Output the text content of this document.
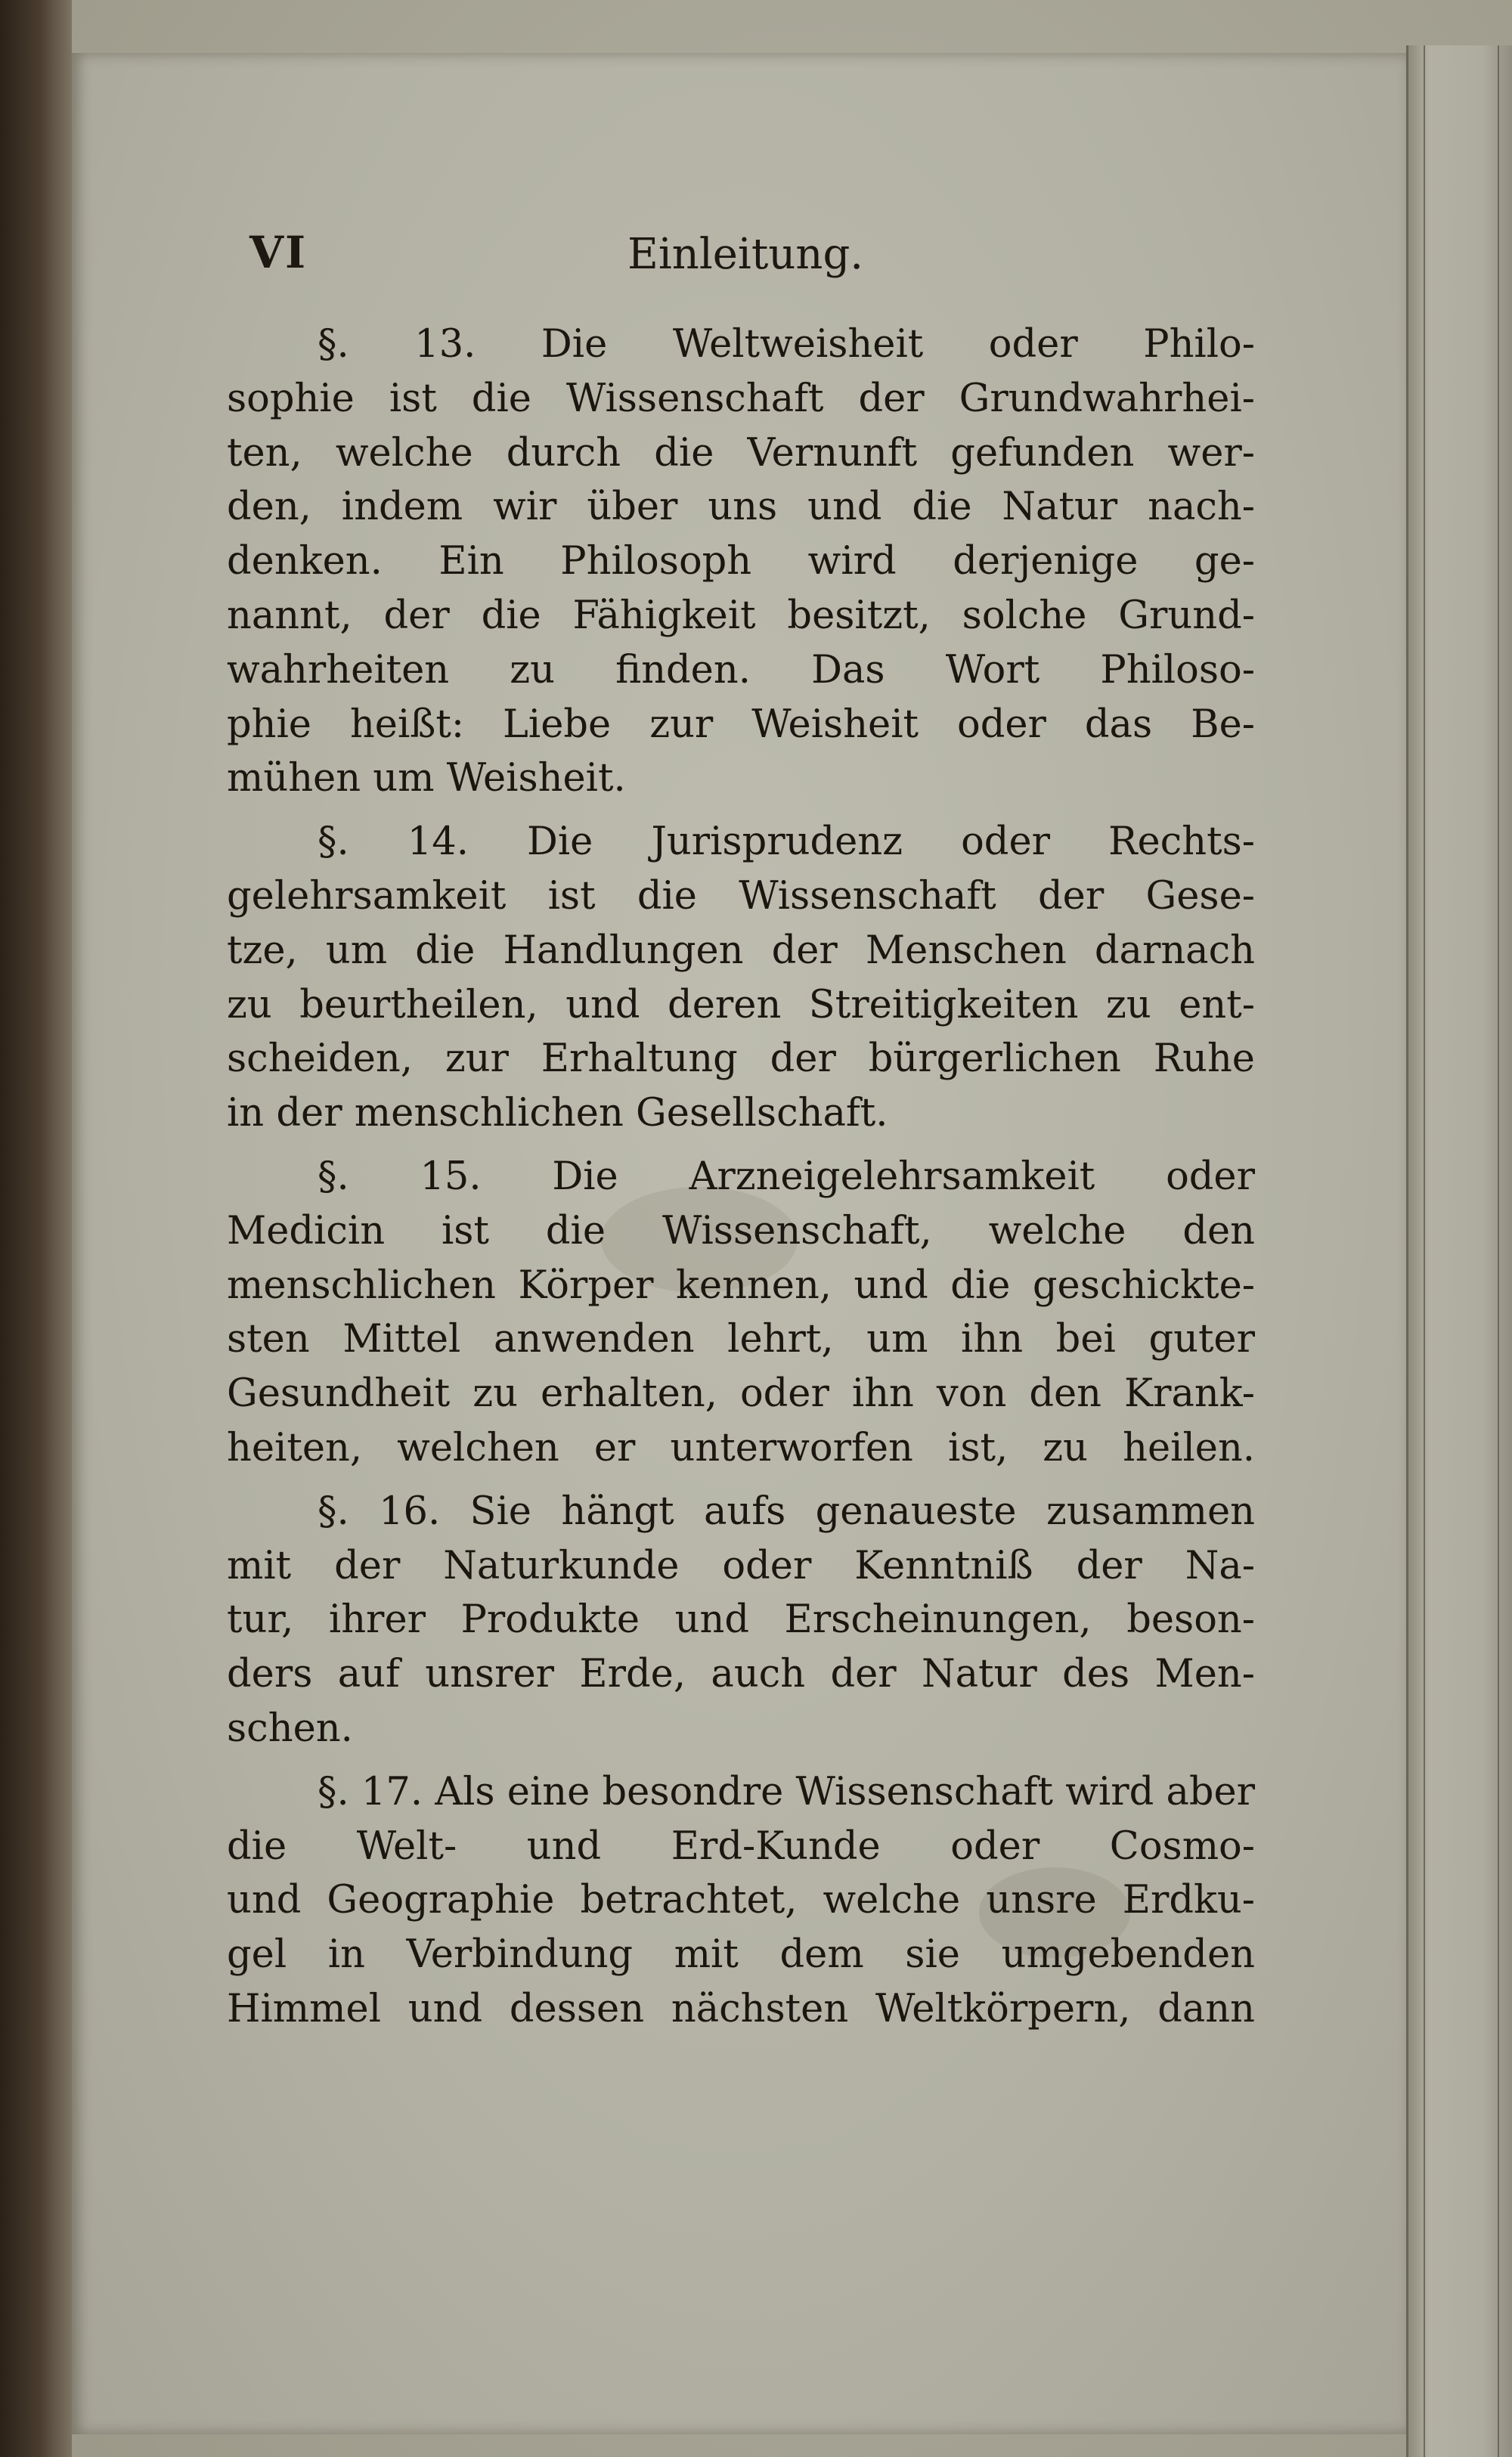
VI	Einleitung.
§. 13. Die Weltweisheit oder Philo-
sophie ist die Wissenschaft der Grundwahrhei-
ten, welche durch die Vernunft gefunden wer-
den, indem wir über uns und die Natur nach-
denken. Ein Philosoph wird derjenige ge-
nannt, der die Fähigkeit besitzt, solche Grund-
wahrheiten zu finden. Das Wort Philoso-
phie heißt: Liebe zur Weisheit oder das Be-
mühen um Weisheit.
§. 14. Die Jurisprudenz oder Rechts-
gelehrsamkeit ist die Wissenschaft der Gese-
tze, um die Handlungen der Menschen darnach
zu beurtheilen, und deren Streitigkeiten zu ent-
scheiden, zur Erhaltung der bürgerlichen Ruhe
in der menschlichen Gesellschaft.
§. 15. Die Arzneigelehrsamkeit oder
Medicin ist die Wissenschaft, welche den
menschlichen Körper kennen, und die geschickte-
sten Mittel anwenden lehrt, um ihn bei guter
Gesundheit zu erhalten, oder ihn von den Krank-
heiten, welchen er unterworfen ist, zu heilen.
§. 16. Sie hängt aufs genaueste zusammen
mit der Naturkunde oder Kenntniß der Na-
tur, ihrer Produkte und Erscheinungen, beson-
ders auf unsrer Erde, auch der Natur des Men-
schen.
§. 17. Als eine besondre Wissenschaft wird aber
die Welt- und Erd-Kunde oder Cosmo-
und Geographie betrachtet, welche unsre Erdku-
gel in Verbindung mit dem sie umgebenden
Himmel und dessen nächsten Weltkörpern, dann
